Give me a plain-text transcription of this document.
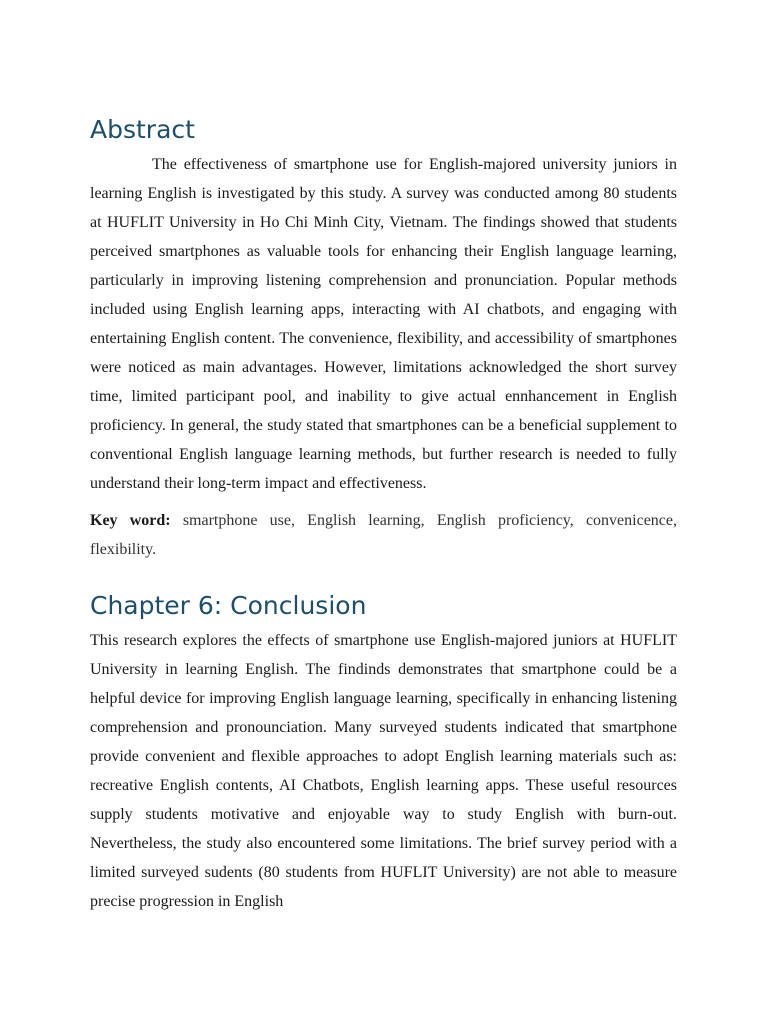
Abstract

The effectiveness of smartphone use for English-majored university juniors in learning English is investigated by this study. A survey was conducted among 80 students at HUFLIT University in Ho Chi Minh City, Vietnam. The findings showed that students perceived smartphones as valuable tools for enhancing their English language learning, particularly in improving listening comprehension and pronunciation. Popular methods included using English learning apps, interacting with AI chatbots, and engaging with entertaining English content. The convenience, flexibility, and accessibility of smartphones were noticed as main advantages. However, limitations acknowledged the short survey time, limited participant pool, and inability to give actual ennhancement in English proficiency. In general, the study stated that smartphones can be a beneficial supplement to conventional English language learning methods, but further research is needed to fully understand their long-term impact and effectiveness.

Key word: smartphone use, English learning, English proficiency, convenicence, flexibility.

Chapter 6: Conclusion

This research explores the effects of smartphone use English-majored juniors at HUFLIT University in learning English. The findinds demonstrates that smartphone could be a helpful device for improving English language learning, specifically in enhancing listening comprehension and pronounciation. Many surveyed students indicated that smartphone provide convenient and flexible approaches to adopt English learning materials such as: recreative English contents, AI Chatbots, English learning apps. These useful resources supply students motivative and enjoyable way to study English with burn-out. Nevertheless, the study also encountered some limitations. The brief survey period with a limited surveyed sudents (80 students from HUFLIT University) are not able to measure precise progression in English
